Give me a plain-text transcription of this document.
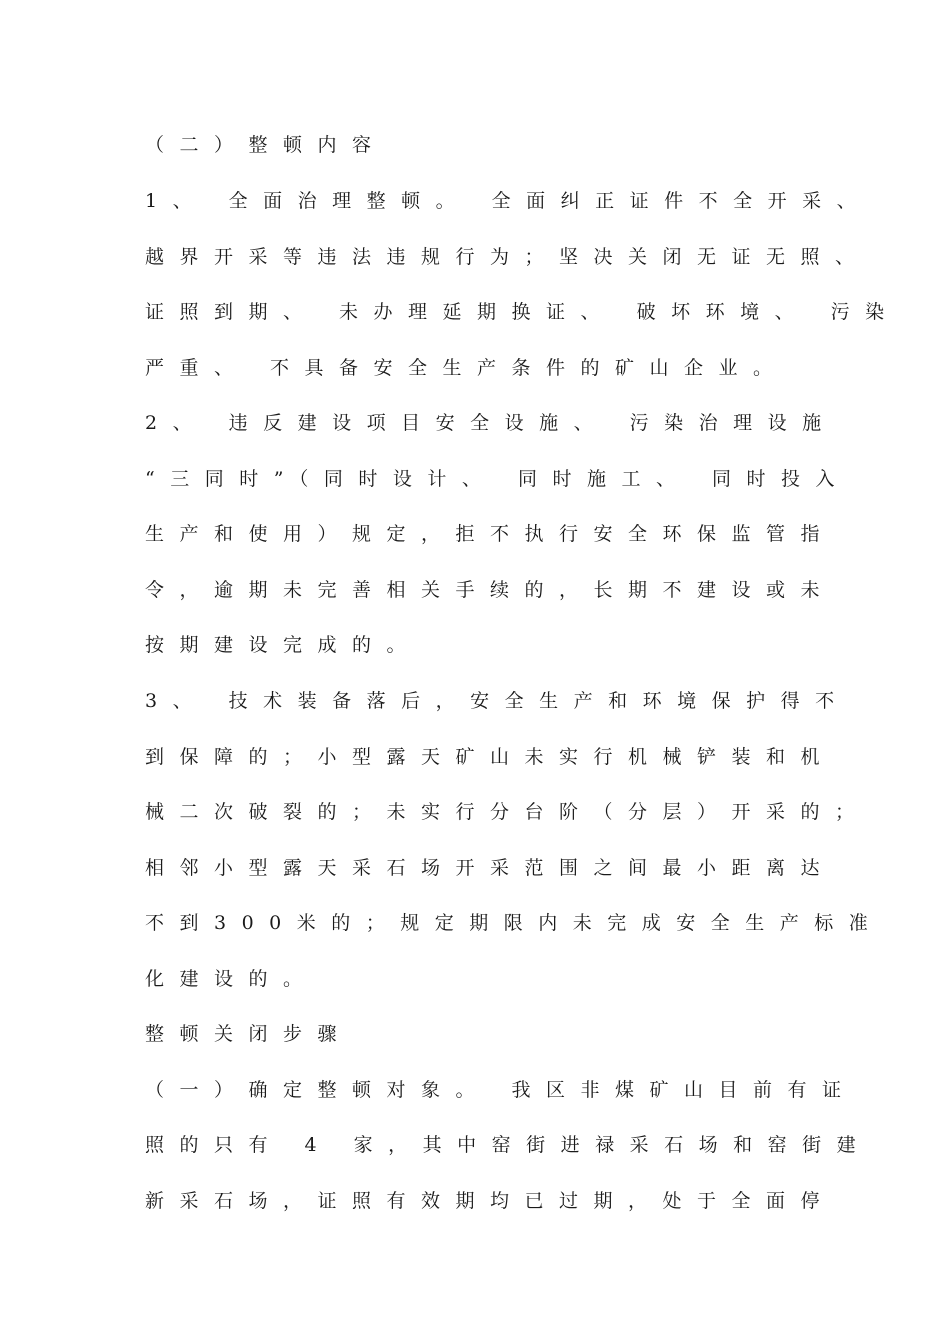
（二）整顿内容
1、 全面治理整顿。 全面纠正证件不全开采、
越界开采等违法违规行为；坚决关闭无证无照、
证照到期、 未办理延期换证、 破坏环境、 污染
严重、 不具备安全生产条件的矿山企业。
2、 违反建设项目安全设施、 污染治理设施
“三同时”（同时设计、 同时施工、 同时投入
生产和使用）规定，拒不执行安全环保监管指
令，逾期未完善相关手续的，长期不建设或未
按期建设完成的。
3、 技术装备落后，安全生产和环境保护得不
到保障的；小型露天矿山未实行机械铲装和机
械二次破裂的；未实行分台阶（分层）开采的；
相邻小型露天采石场开采范围之间最小距离达
不到300米的；规定期限内未完成安全生产标准
化建设的。
整顿关闭步骤
（一）确定整顿对象。 我区非煤矿山目前有证
照的只有 4 家，其中窑街进禄采石场和窑街建
新采石场，证照有效期均已过期，处于全面停
